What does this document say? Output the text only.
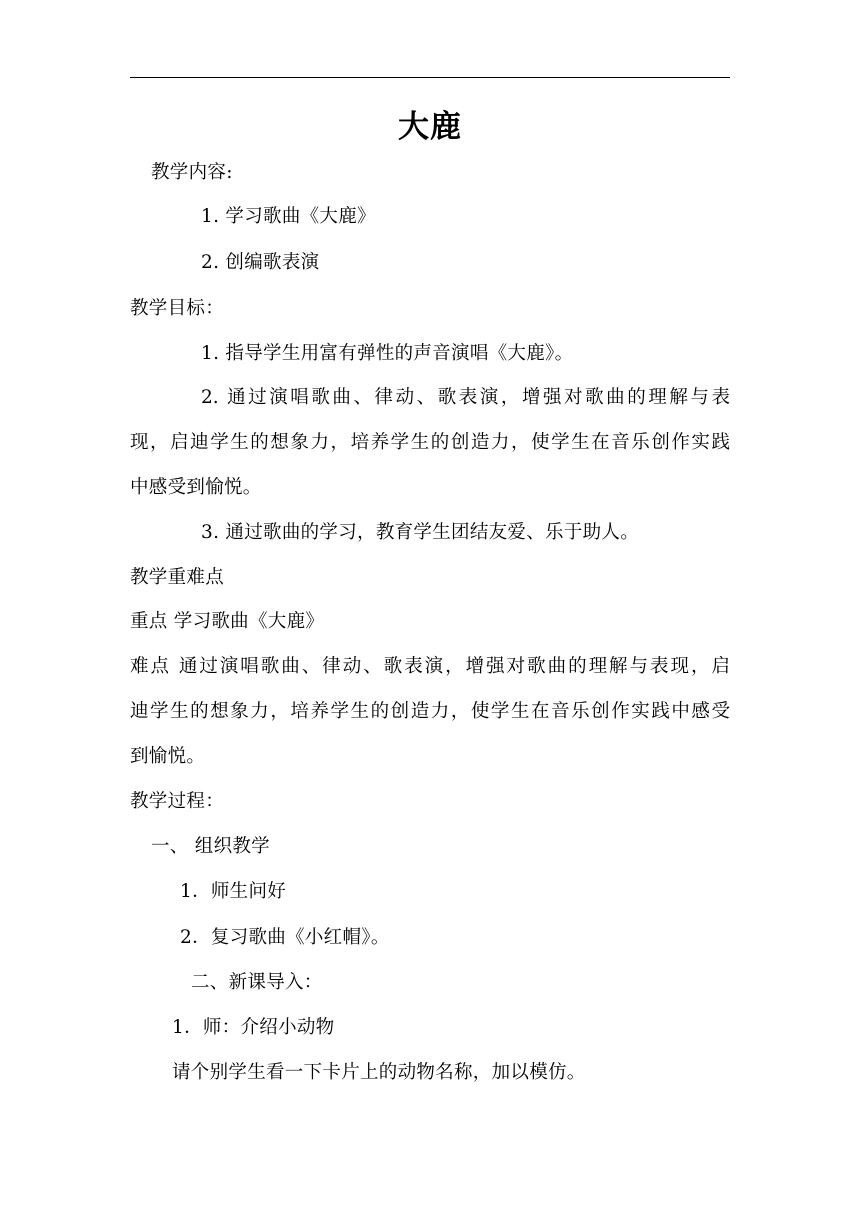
大鹿
教学内容:
1. 学习歌曲《大鹿》
2. 创编歌表演
教学目标：
1. 指导学生用富有弹性的声音演唱《大鹿》。
2. 通过演唱歌曲、律动、歌表演，增强对歌曲的理解与表
现，启迪学生的想象力，培养学生的创造力，使学生在音乐创作实践
中感受到愉悦。
3. 通过歌曲的学习，教育学生团结友爱、乐于助人。
教学重难点
重点 学习歌曲《大鹿》
难点 通过演唱歌曲、律动、歌表演，增强对歌曲的理解与表现，启
迪学生的想象力，培养学生的创造力，使学生在音乐创作实践中感受
到愉悦。
教学过程：
一、 组织教学
1．师生问好
2．复习歌曲《小红帽》。
二、新课导入：
1．师：介绍小动物
请个别学生看一下卡片上的动物名称，加以模仿。
